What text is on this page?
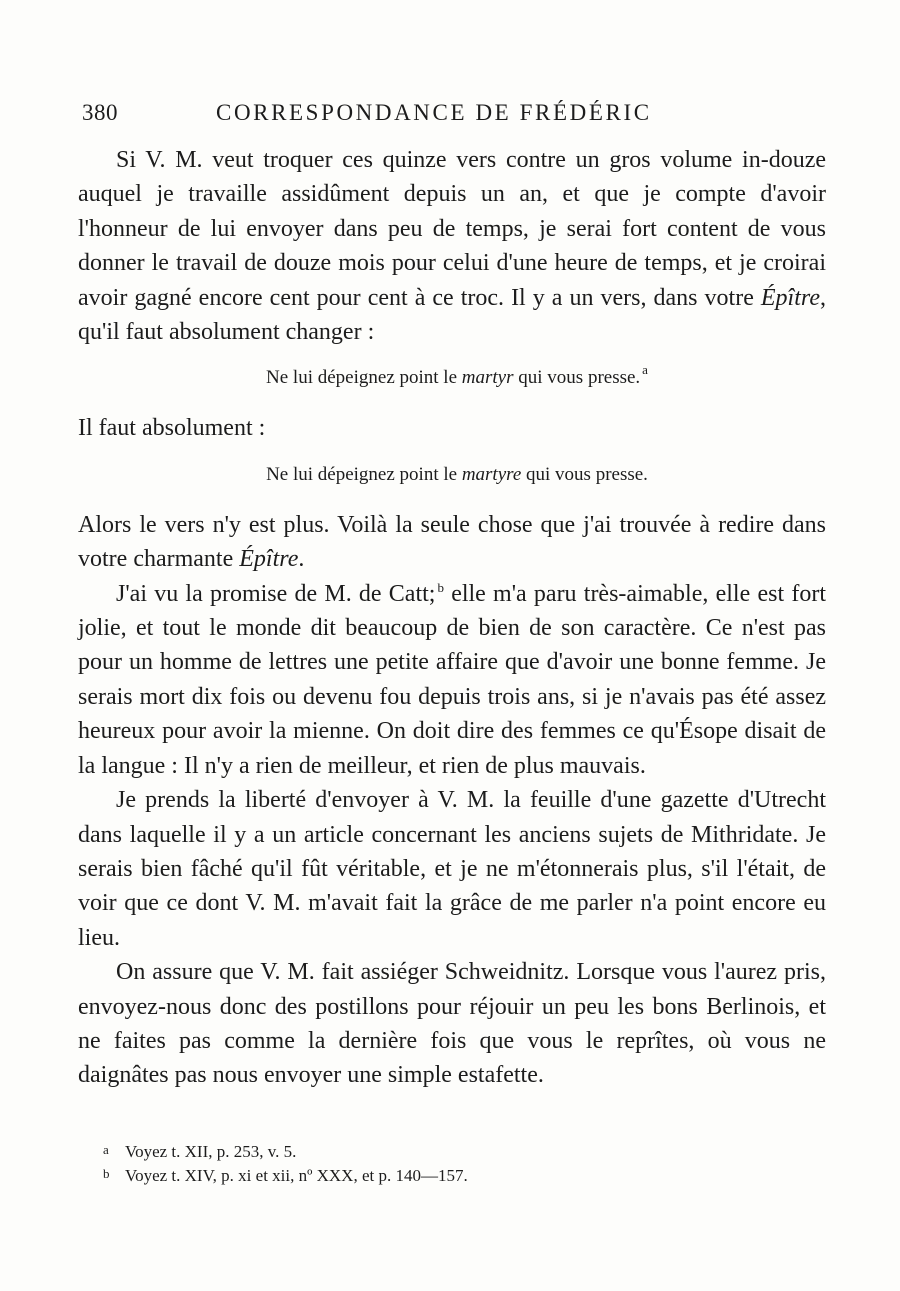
380	CORRESPONDANCE DE FRÉDÉRIC

Si V. M. veut troquer ces quinze vers contre un gros volume in-douze auquel je travaille assidûment depuis un an, et que je compte d'avoir l'honneur de lui envoyer dans peu de temps, je serai fort content de vous donner le travail de douze mois pour celui d'une heure de temps, et je croirai avoir gagné encore cent pour cent à ce troc. Il y a un vers, dans votre Épître, qu'il faut absolument changer :

Ne lui dépeignez point le martyr qui vous presse. $^a$

Il faut absolument :

Ne lui dépeignez point le martyre qui vous presse.

Alors le vers n'y est plus. Voilà la seule chose que j'ai trouvée à redire dans votre charmante Épître.

J'ai vu la promise de M. de Catt; $^b$ elle m'a paru très-aimable, elle est fort jolie, et tout le monde dit beaucoup de bien de son caractère. Ce n'est pas pour un homme de lettres une petite affaire que d'avoir une bonne femme. Je serais mort dix fois ou devenu fou depuis trois ans, si je n'avais pas été assez heureux pour avoir la mienne. On doit dire des femmes ce qu'Ésope disait de la langue : Il n'y a rien de meilleur, et rien de plus mauvais.

Je prends la liberté d'envoyer à V. M. la feuille d'une gazette d'Utrecht dans laquelle il y a un article concernant les anciens sujets de Mithridate. Je serais bien fâché qu'il fût véritable, et je ne m'étonnerais plus, s'il l'était, de voir que ce dont V. M. m'avait fait la grâce de me parler n'a point encore eu lieu.

On assure que V. M. fait assiéger Schweidnitz. Lorsque vous l'aurez pris, envoyez-nous donc des postillons pour réjouir un peu les bons Berlinois, et ne faites pas comme la dernière fois que vous le reprîtes, où vous ne daignâtes pas nous envoyer une simple estafette.

a Voyez t. XII, p. 253, v. 5.
b Voyez t. XIV, p. xi et xii, nº XXX, et p. 140—157.
